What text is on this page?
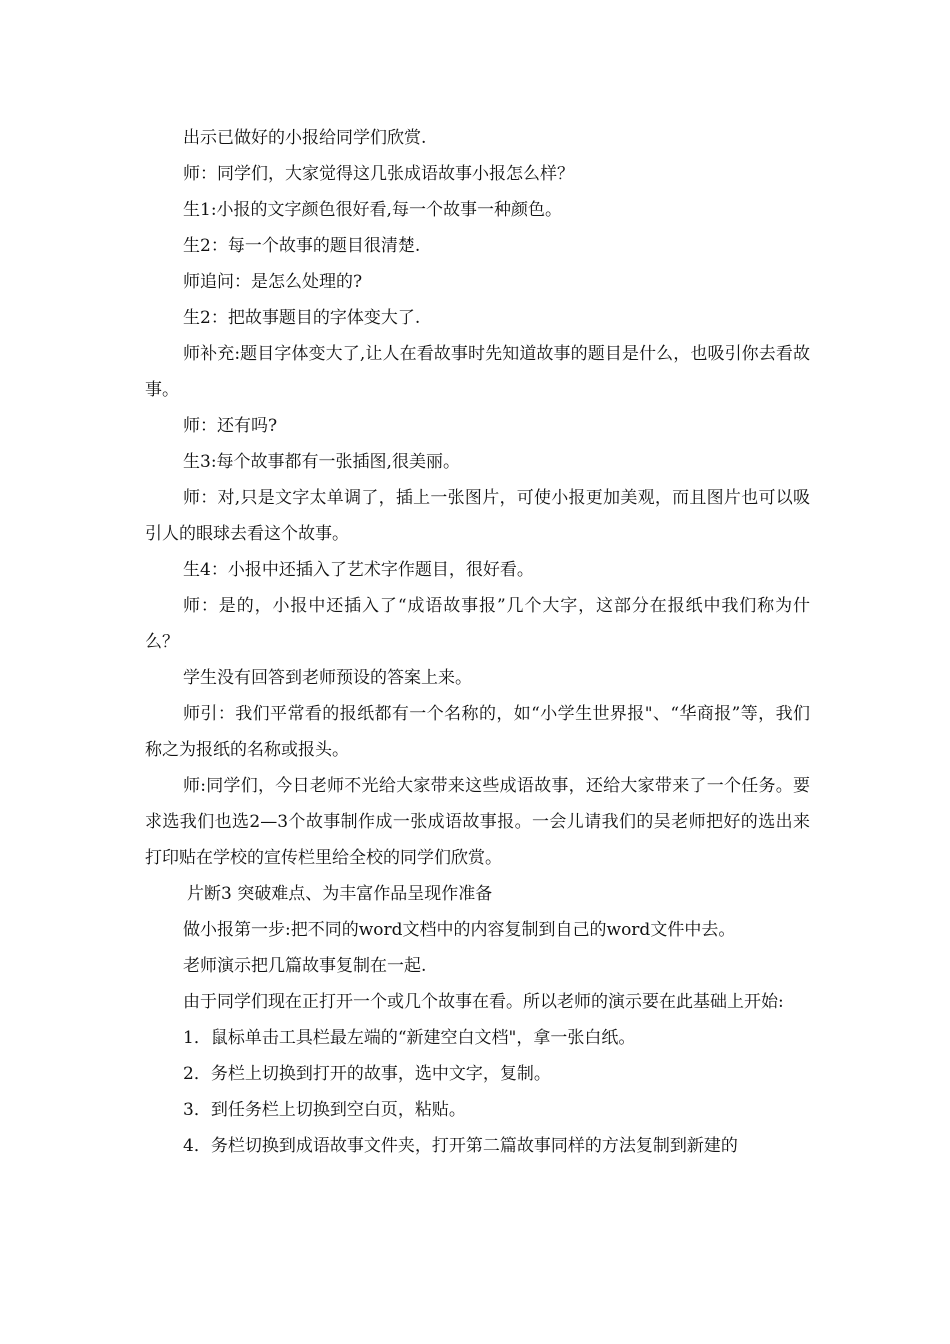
出示已做好的小报给同学们欣赏.

师：同学们，大家觉得这几张成语故事小报怎么样？

生1:小报的文字颜色很好看,每一个故事一种颜色。

生2：每一个故事的题目很清楚.

师追问：是怎么处理的?

生2：把故事题目的字体变大了.

师补充:题目字体变大了,让人在看故事时先知道故事的题目是什么，也吸引你去看故事。

师：还有吗?

生3:每个故事都有一张插图,很美丽。

师：对,只是文字太单调了，插上一张图片，可使小报更加美观，而且图片也可以吸引人的眼球去看这个故事。

生4：小报中还插入了艺术字作题目，很好看。

师：是的，小报中还插入了“成语故事报”几个大字，这部分在报纸中我们称为什么？

学生没有回答到老师预设的答案上来。

师引：我们平常看的报纸都有一个名称的，如“小学生世界报"、“华商报”等，我们称之为报纸的名称或报头。

师:同学们，今日老师不光给大家带来这些成语故事，还给大家带来了一个任务。要求选我们也选2—3个故事制作成一张成语故事报。一会儿请我们的吴老师把好的选出来打印贴在学校的宣传栏里给全校的同学们欣赏。

片断3 突破难点、为丰富作品呈现作准备

做小报第一步:把不同的word文档中的内容复制到自己的word文件中去。

老师演示把几篇故事复制在一起.

由于同学们现在正打开一个或几个故事在看。所以老师的演示要在此基础上开始:

1．鼠标单击工具栏最左端的“新建空白文档"，拿一张白纸。

2．务栏上切换到打开的故事，选中文字，复制。

3．到任务栏上切换到空白页，粘贴。

4．务栏切换到成语故事文件夹，打开第二篇故事同样的方法复制到新建的
